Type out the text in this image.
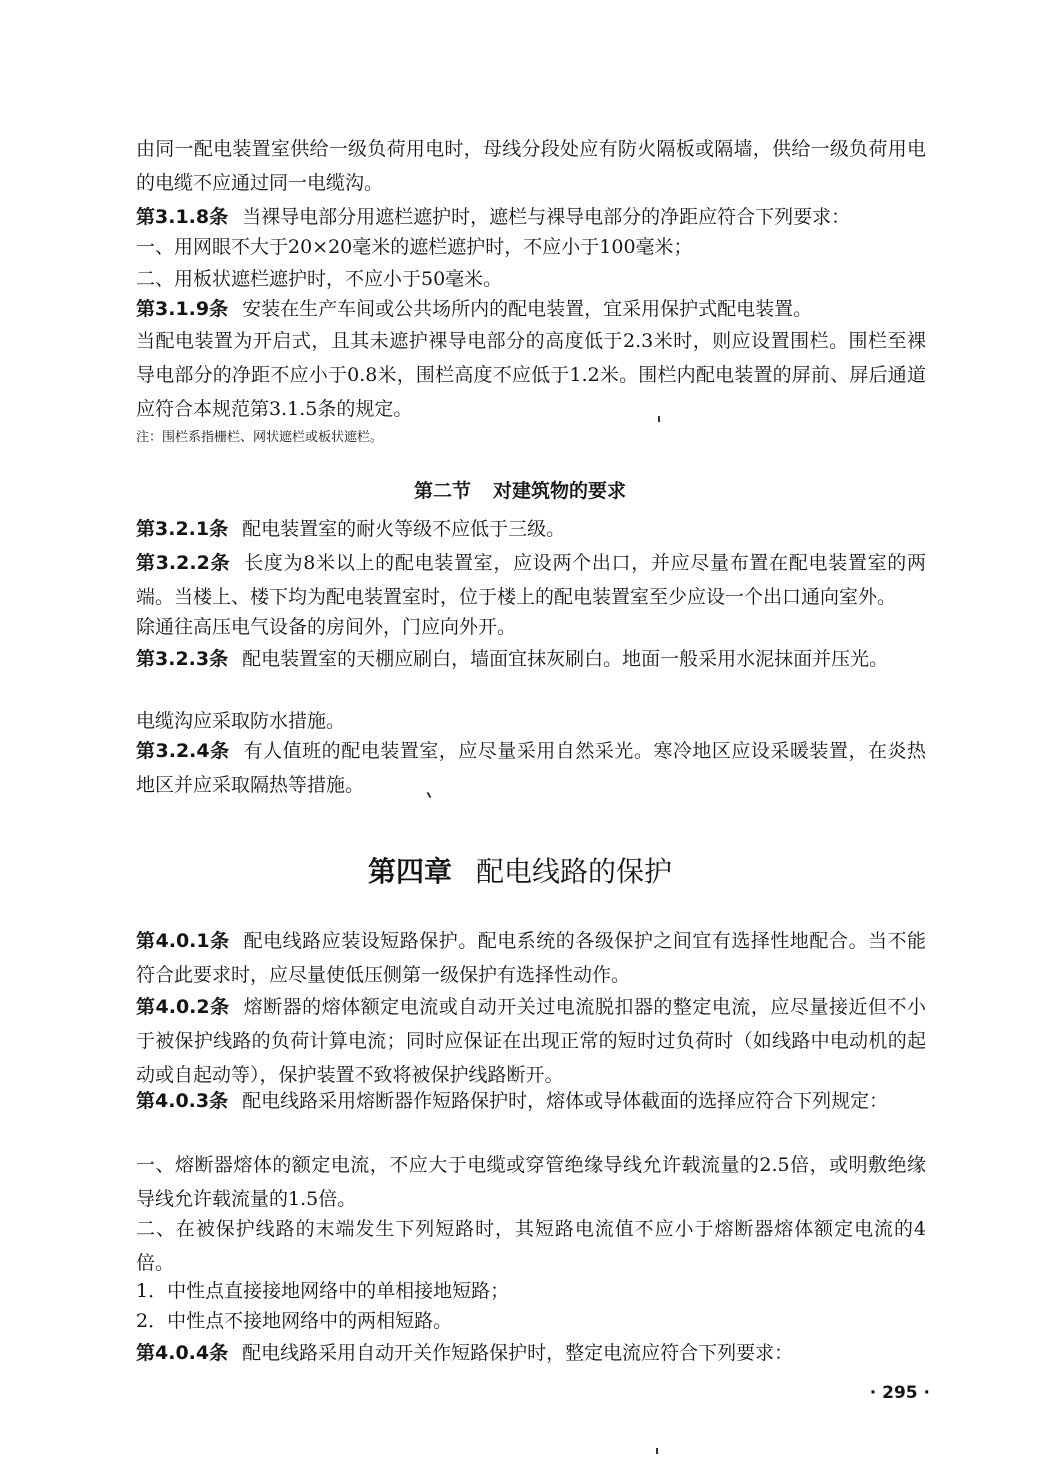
由同一配电装置室供给一级负荷用电时，母线分段处应有防火隔板或隔墙，供给一级负荷用电的电缆不应通过同一电缆沟。
第3.1.8条 当裸导电部分用遮栏遮护时，遮栏与裸导电部分的净距应符合下列要求：
一、用网眼不大于20×20毫米的遮栏遮护时，不应小于100毫米；
二、用板状遮栏遮护时，不应小于50毫米。
第3.1.9条 安装在生产车间或公共场所内的配电装置，宜采用保护式配电装置。
当配电装置为开启式，且其未遮护裸导电部分的高度低于2.3米时，则应设置围栏。围栏至裸导电部分的净距不应小于0.8米，围栏高度不应低于1.2米。围栏内配电装置的屏前、屏后通道应符合本规范第3.1.5条的规定。
注：围栏系指栅栏、网状遮栏或板状遮栏。
第二节 对建筑物的要求
第3.2.1条 配电装置室的耐火等级不应低于三级。
第3.2.2条 长度为8米以上的配电装置室，应设两个出口，并应尽量布置在配电装置室的两端。当楼上、楼下均为配电装置室时，位于楼上的配电装置室至少应设一个出口通向室外。
除通往高压电气设备的房间外，门应向外开。
第3.2.3条 配电装置室的天棚应刷白，墙面宜抹灰刷白。地面一般采用水泥抹面并压光。
电缆沟应采取防水措施。
第3.2.4条 有人值班的配电装置室，应尽量采用自然采光。寒冷地区应设采暖装置，在炎热地区并应采取隔热等措施。
第四章 配电线路的保护
第4.0.1条 配电线路应装设短路保护。配电系统的各级保护之间宜有选择性地配合。当不能符合此要求时，应尽量使低压侧第一级保护有选择性动作。
第4.0.2条 熔断器的熔体额定电流或自动开关过电流脱扣器的整定电流，应尽量接近但不小于被保护线路的负荷计算电流；同时应保证在出现正常的短时过负荷时（如线路中电动机的起动或自起动等），保护装置不致将被保护线路断开。
第4.0.3条 配电线路采用熔断器作短路保护时，熔体或导体截面的选择应符合下列规定：
一、熔断器熔体的额定电流，不应大于电缆或穿管绝缘导线允许载流量的2.5倍，或明敷绝缘导线允许载流量的1.5倍。
二、在被保护线路的末端发生下列短路时，其短路电流值不应小于熔断器熔体额定电流的4倍。
1．中性点直接接地网络中的单相接地短路；
2．中性点不接地网络中的两相短路。
第4.0.4条 配电线路采用自动开关作短路保护时，整定电流应符合下列要求：
· 295 ·
